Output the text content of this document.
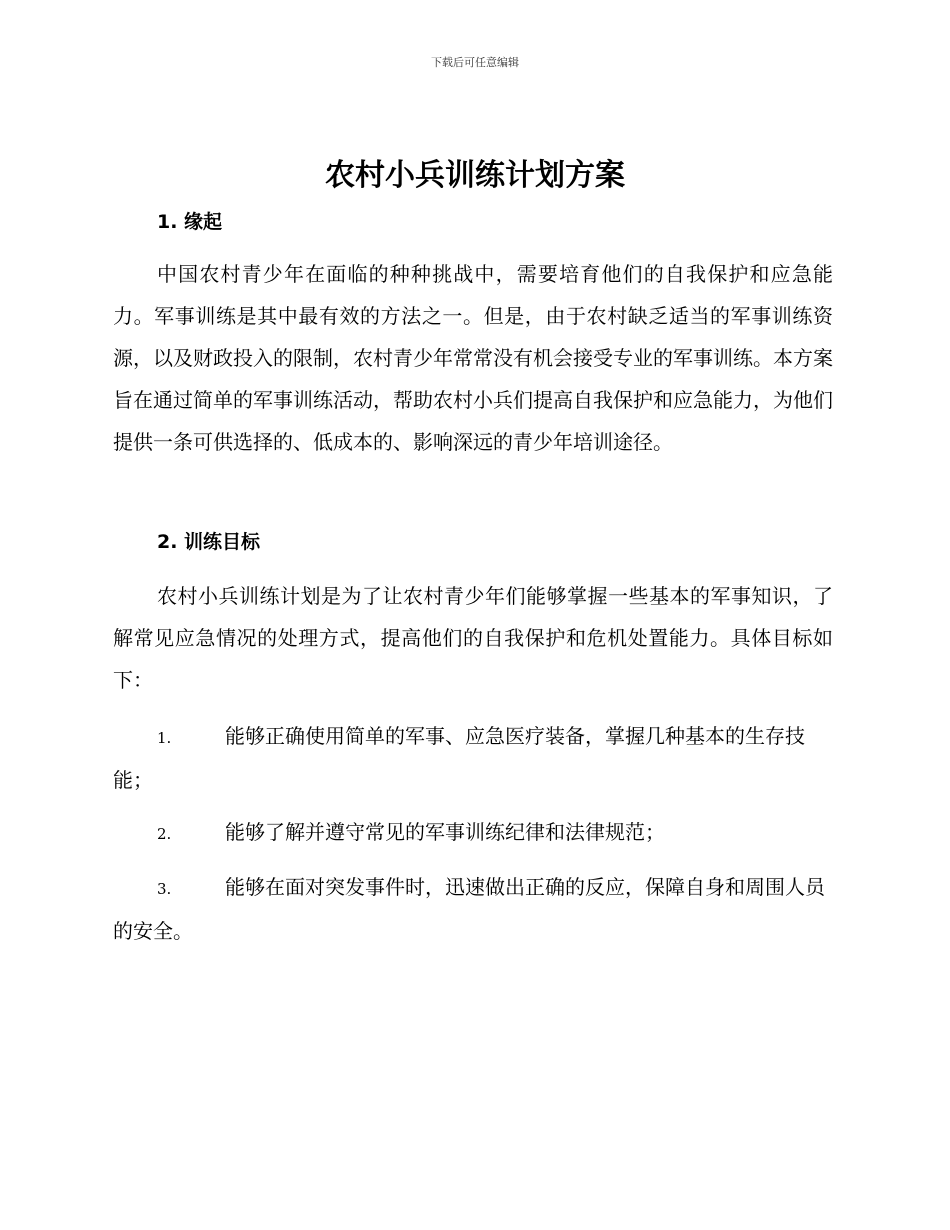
下载后可任意编辑
农村小兵训练计划方案
1. 缘起
中国农村青少年在面临的种种挑战中，需要培育他们的自我保护和应急能力。军事训练是其中最有效的方法之一。但是，由于农村缺乏适当的军事训练资源，以及财政投入的限制，农村青少年常常没有机会接受专业的军事训练。本方案旨在通过简单的军事训练活动，帮助农村小兵们提高自我保护和应急能力，为他们提供一条可供选择的、低成本的、影响深远的青少年培训途径。
2. 训练目标
农村小兵训练计划是为了让农村青少年们能够掌握一些基本的军事知识，了解常见应急情况的处理方式，提高他们的自我保护和危机处置能力。具体目标如下：
1.	能够正确使用简单的军事、应急医疗装备，掌握几种基本的生存技能；
2.	能够了解并遵守常见的军事训练纪律和法律规范；
3.	能够在面对突发事件时，迅速做出正确的反应，保障自身和周围人员的安全。
